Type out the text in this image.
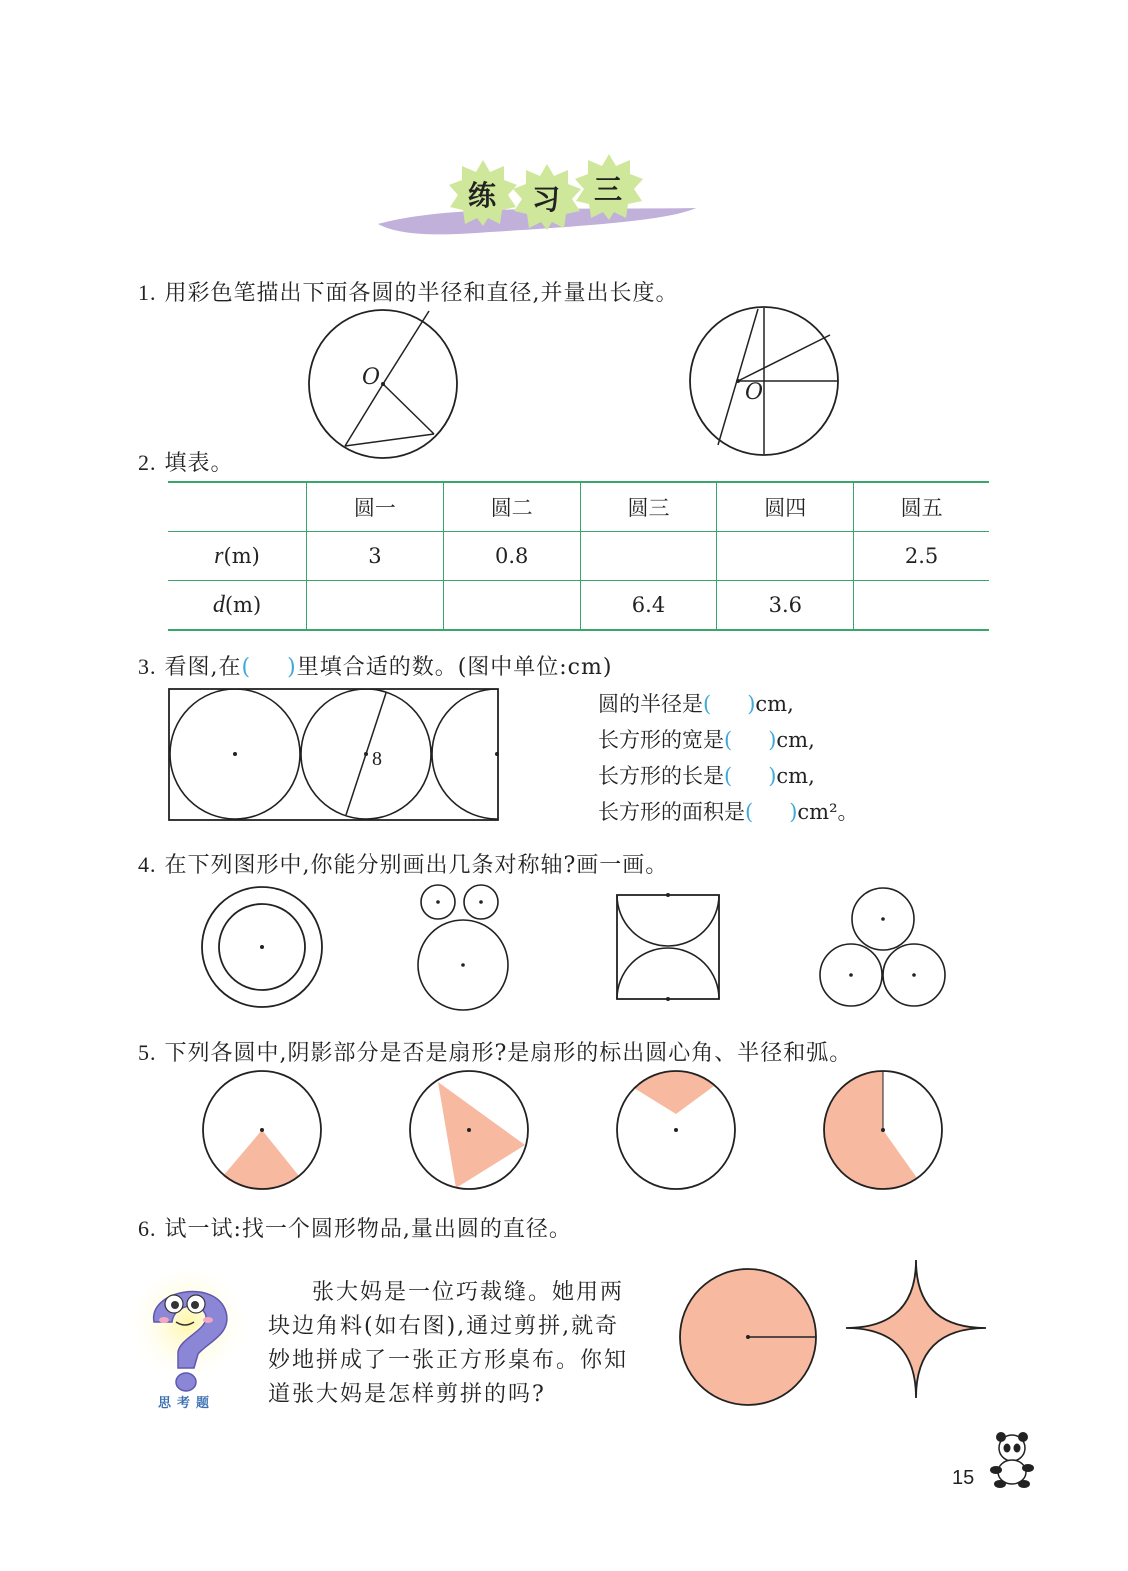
练 习 三
1. 用彩色笔描出下面各圆的半径和直径,并量出长度。
O
O
2. 填表。
	圆一	圆二	圆三	圆四	圆五
r(m)	3	0.8			2.5
d(m)			6.4	3.6	
3. 看图,在( )里填合适的数。(图中单位:cm)
8
圆的半径是( )cm,
长方形的宽是( )cm,
长方形的长是( )cm,
长方形的面积是( )cm²。
4. 在下列图形中,你能分别画出几条对称轴?画一画。
5. 下列各圆中,阴影部分是否是扇形?是扇形的标出圆心角、半径和弧。
6. 试一试:找一个圆形物品,量出圆的直径。
思考题
张大妈是一位巧裁缝。她用两
块边角料(如右图),通过剪拼,就奇
妙地拼成了一张正方形桌布。你知
道张大妈是怎样剪拼的吗?
15
